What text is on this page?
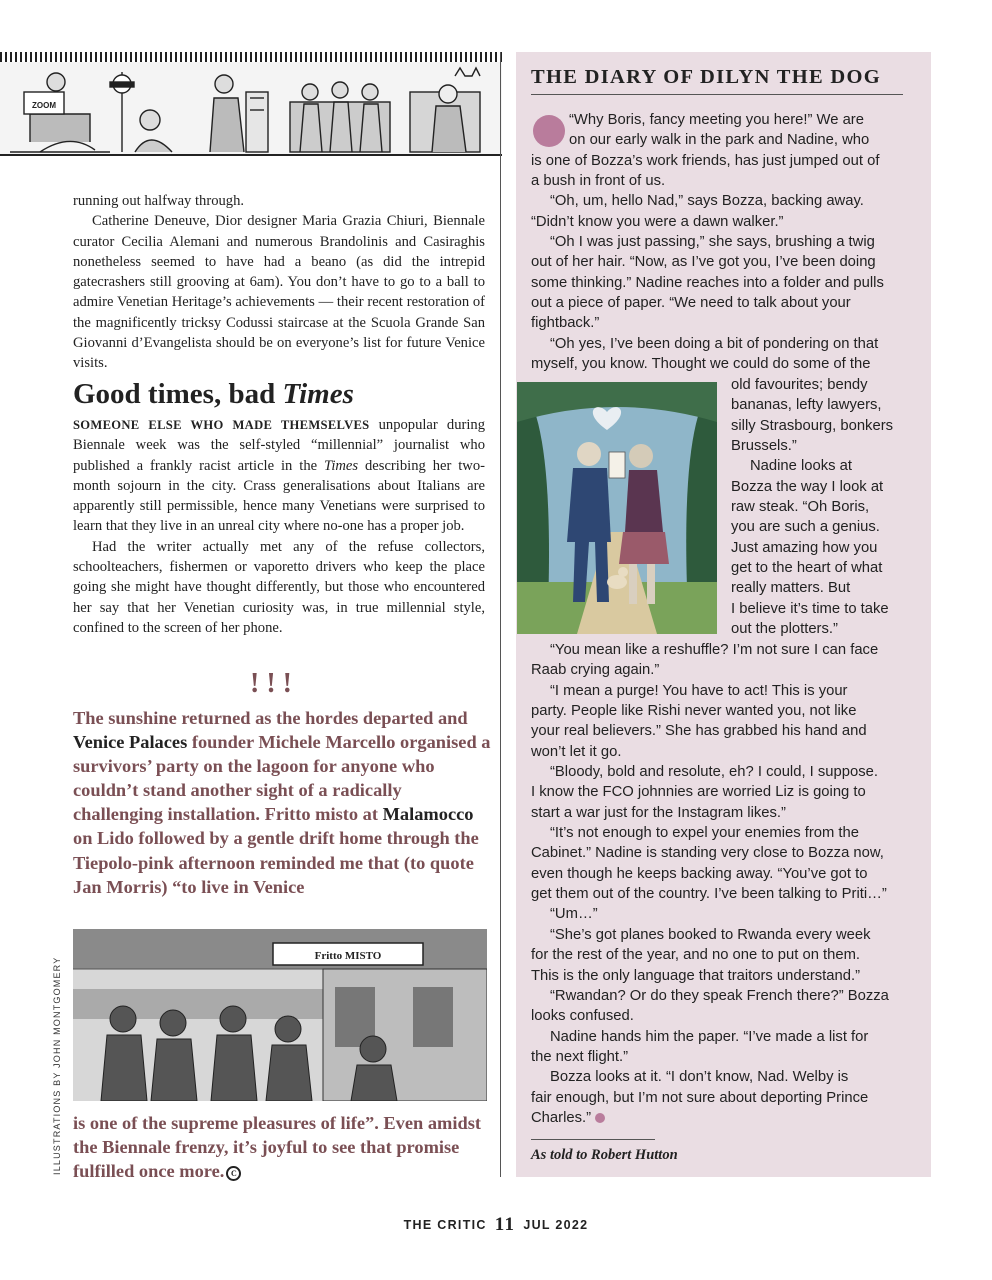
ZOOM

running out halfway through.

Catherine Deneuve, Dior designer Maria Grazia Chiuri, Biennale curator Cecilia Alemani and numerous Brandolinis and Casiraghis nonetheless seemed to have had a beano (as did the intrepid gatecrashers still grooving at 6am). You don’t have to go to a ball to admire Venetian Heritage’s achievements — their recent restoration of the magnificently tricksy Codussi staircase at the Scuola Grande San Giovanni d’Evangelista should be on everyone’s list for future Venice visits.

Good times, bad Times

SOMEONE ELSE WHO MADE THEMSELVES unpopular during Biennale week was the self-styled “millennial” journalist who published a frankly racist article in the Times describing her two-month sojourn in the city. Crass generalisations about Italians are apparently still permissible, hence many Venetians were surprised to learn that they live in an unreal city where no-one has a proper job.

Had the writer actually met any of the refuse collectors, schoolteachers, fishermen or vaporetto drivers who keep the place going she might have thought differently, but those who encountered her say that her Venetian curiosity was, in true millennial style, confined to the screen of her phone.

!!!

The sunshine returned as the hordes departed and Venice Palaces founder Michele Marcello organised a survivors’ party on the lagoon for anyone who couldn’t stand another sight of a radically challenging installation. Fritto misto at Malamocco on Lido followed by a gentle drift home through the Tiepolo-pink afternoon reminded me that (to quote Jan Morris) “to live in Venice

Fritto MISTO

is one of the supreme pleasures of life”. Even amidst the Biennale frenzy, it’s joyful to see that promise fulfilled once more. C

ILLUSTRATIONS BY JOHN MONTGOMERY
THE DIARY OF DILYN THE DOG

“Why Boris, fancy meeting you here!” We are

on our early walk in the park and Nadine, who

is one of Bozza’s work friends, has just jumped out of

a bush in front of us.

“Oh, um, hello Nad,” says Bozza, backing away.

“Didn’t know you were a dawn walker.”

“Oh I was just passing,” she says, brushing a twig

out of her hair. “Now, as I’ve got you, I’ve been doing

some thinking.” Nadine reaches into a folder and pulls

out a piece of paper. “We need to talk about your

fightback.”

“Oh yes, I’ve been doing a bit of pondering on that

myself, you know. Thought we could do some of the

old favourites; bendy

bananas, lefty lawyers,

silly Strasbourg, bonkers

Brussels.”

Nadine looks at

Bozza the way I look at

raw steak. “Oh Boris,

you are such a genius.

Just amazing how you

get to the heart of what

really matters. But

I believe it’s time to take

out the plotters.”

“You mean like a reshuffle? I’m not sure I can face

Raab crying again.”

“I mean a purge! You have to act! This is your

party. People like Rishi never wanted you, not like

your real believers.” She has grabbed his hand and

won’t let it go.

“Bloody, bold and resolute, eh? I could, I suppose.

I know the FCO johnnies are worried Liz is going to

start a war just for the Instagram likes.”

“It’s not enough to expel your enemies from the

Cabinet.” Nadine is standing very close to Bozza now,

even though he keeps backing away. “You’ve got to

get them out of the country. I’ve been talking to Priti…”

“Um…”

“She’s got planes booked to Rwanda every week

for the rest of the year, and no one to put on them.

This is the only language that traitors understand.”

“Rwandan? Or do they speak French there?” Bozza

looks confused.

Nadine hands him the paper. “I’ve made a list for

the next flight.”

Bozza looks at it. “I don’t know, Nad. Welby is

fair enough, but I’m not sure about deporting Prince

Charles.”

As told to Robert Hutton
THE CRITIC 11 JUL 2022
